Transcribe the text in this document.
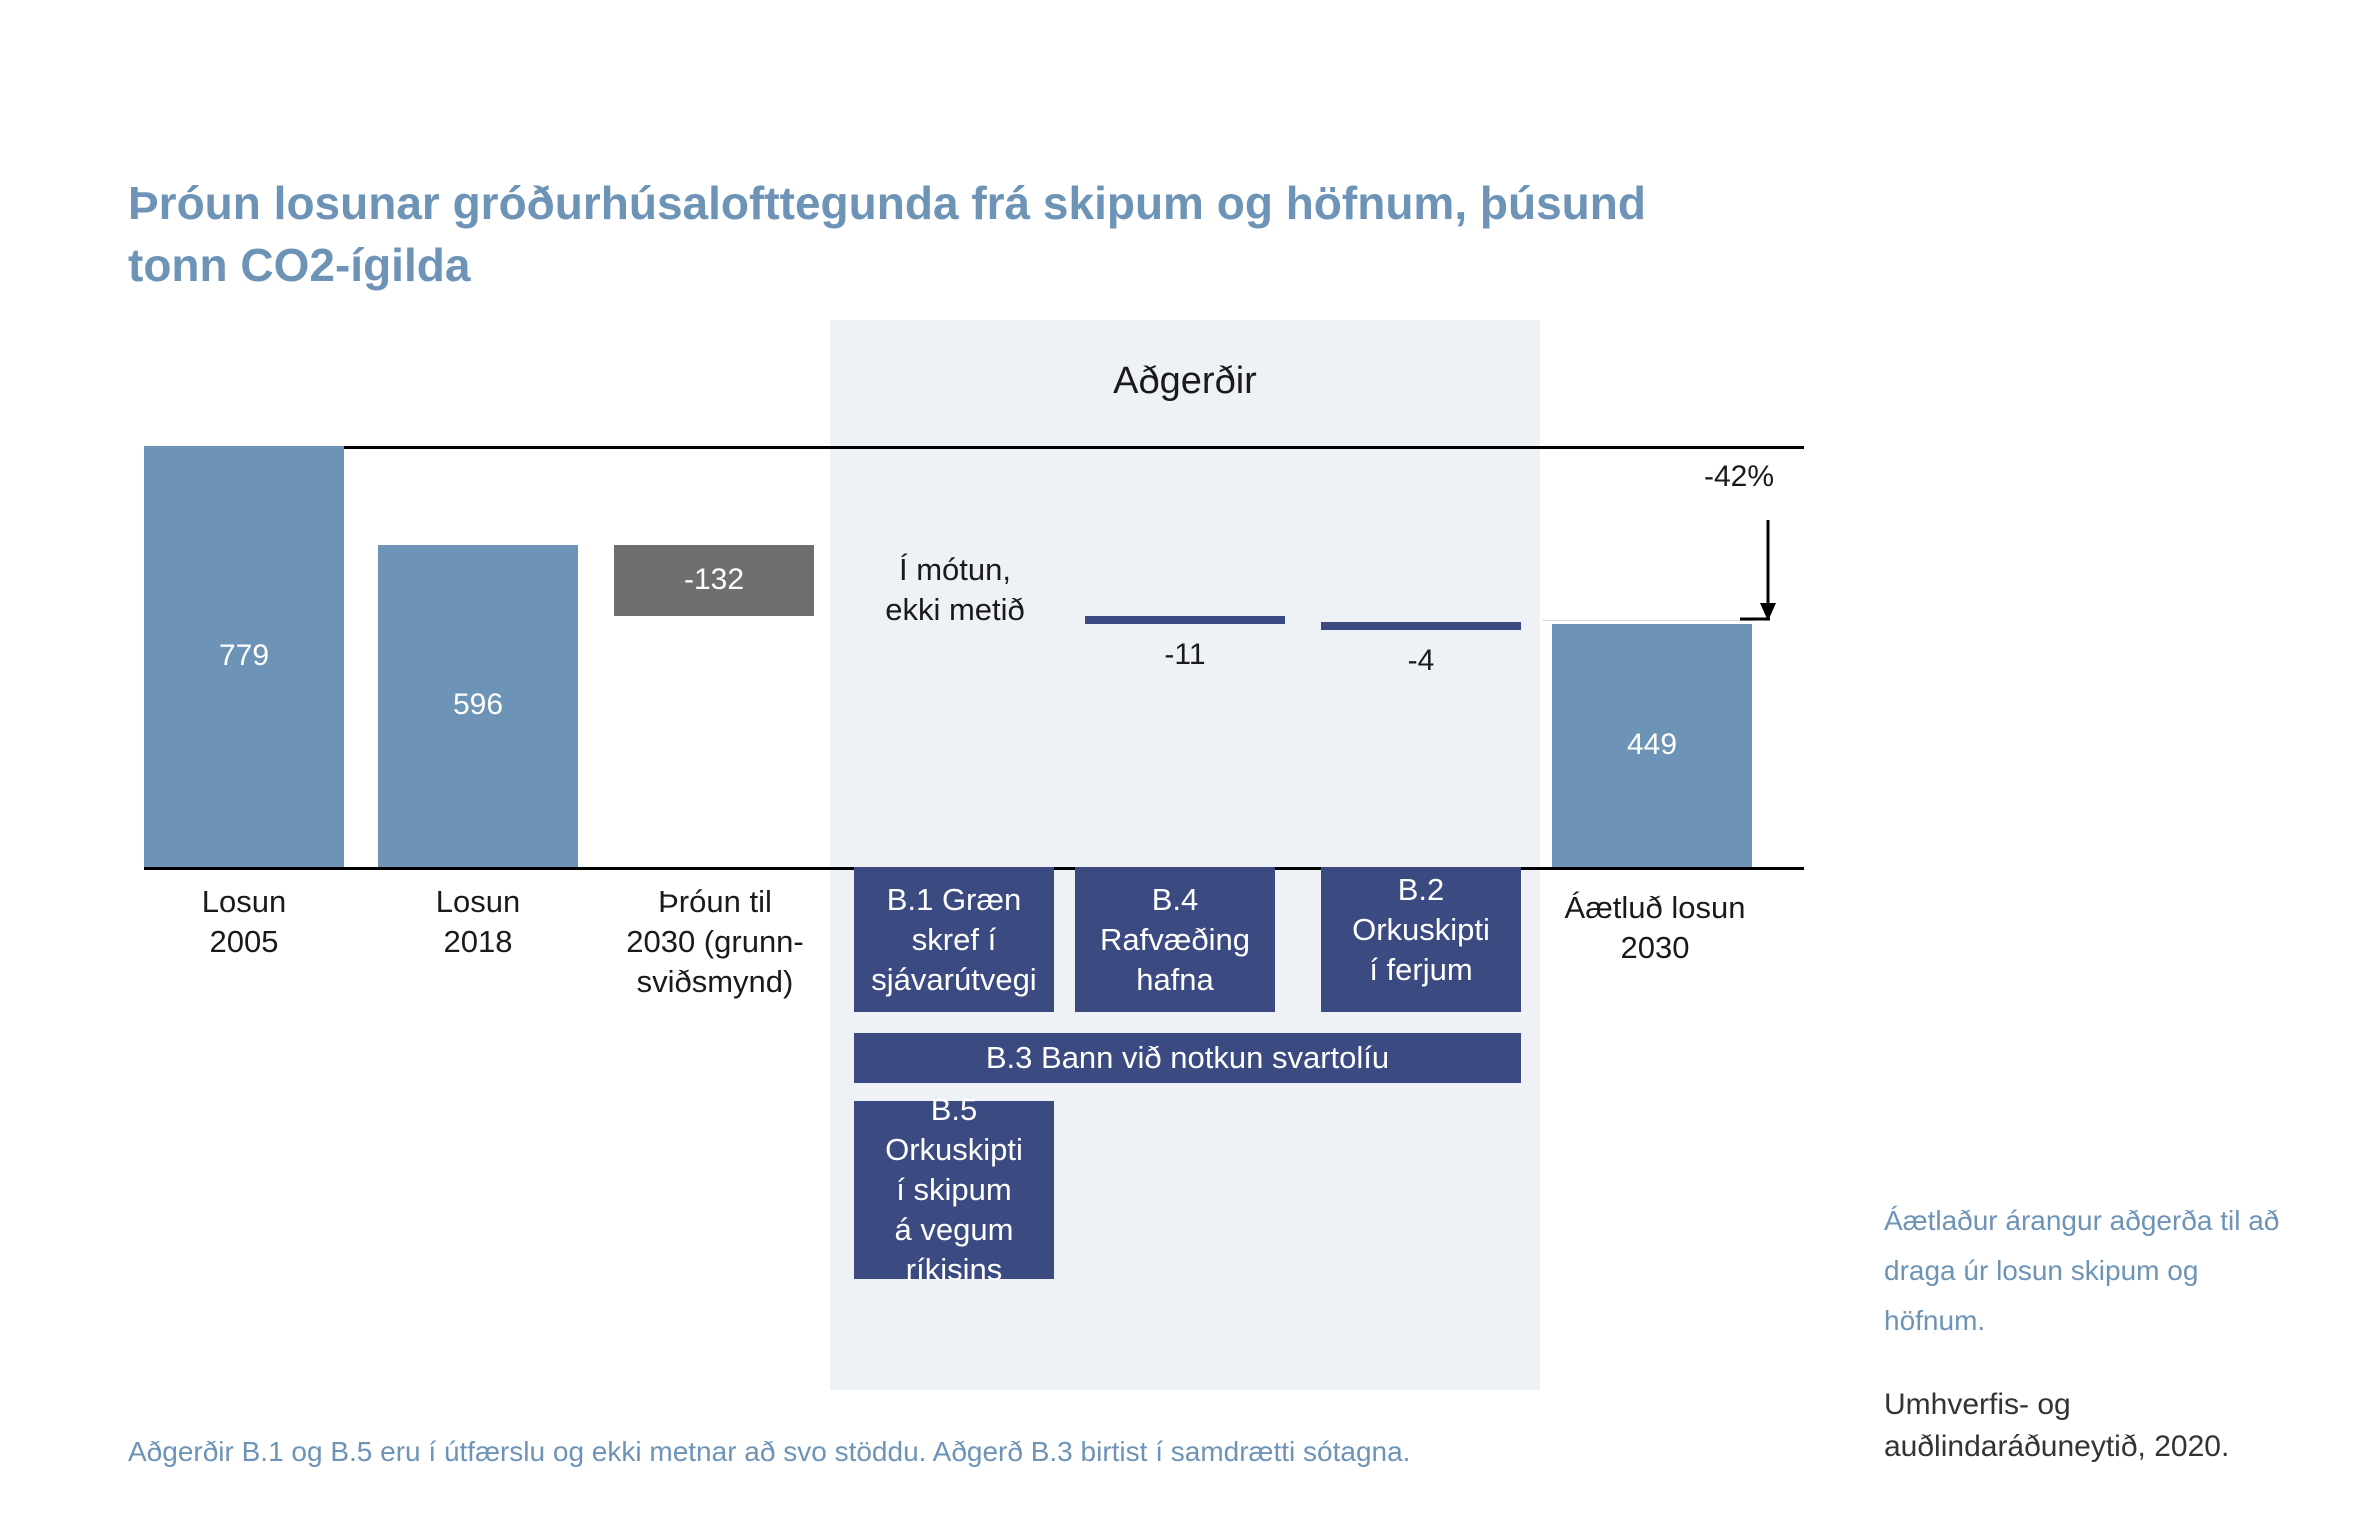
Þróun losunar gróðurhúsalofttegunda frá skipum og höfnum, þúsund
tonn CO2-ígilda
Aðgerðir
779
596
-132
-11	-4
449
Í mótun,
ekki metið
-42%
Losun
2005
Losun
2018
Þróun til
2030 (grunn-
sviðsmynd)
Áætluð losun
2030
B.1 Græn
skref í
sjávarútvegi
B.4
Rafvæðing
hafna
B.2 Orkuskipti
í ferjum
B.3 Bann við notkun svartolíu
B.5 Orkuskipti
í skipum
á vegum
ríkisins
Áætlaður árangur aðgerða til að draga úr losun skipum og höfnum.
Umhverfis- og auðlindaráðuneytið, 2020.
Aðgerðir B.1 og B.5 eru í útfærslu og ekki metnar að svo stöddu. Aðgerð B.3 birtist í samdrætti sótagna.
